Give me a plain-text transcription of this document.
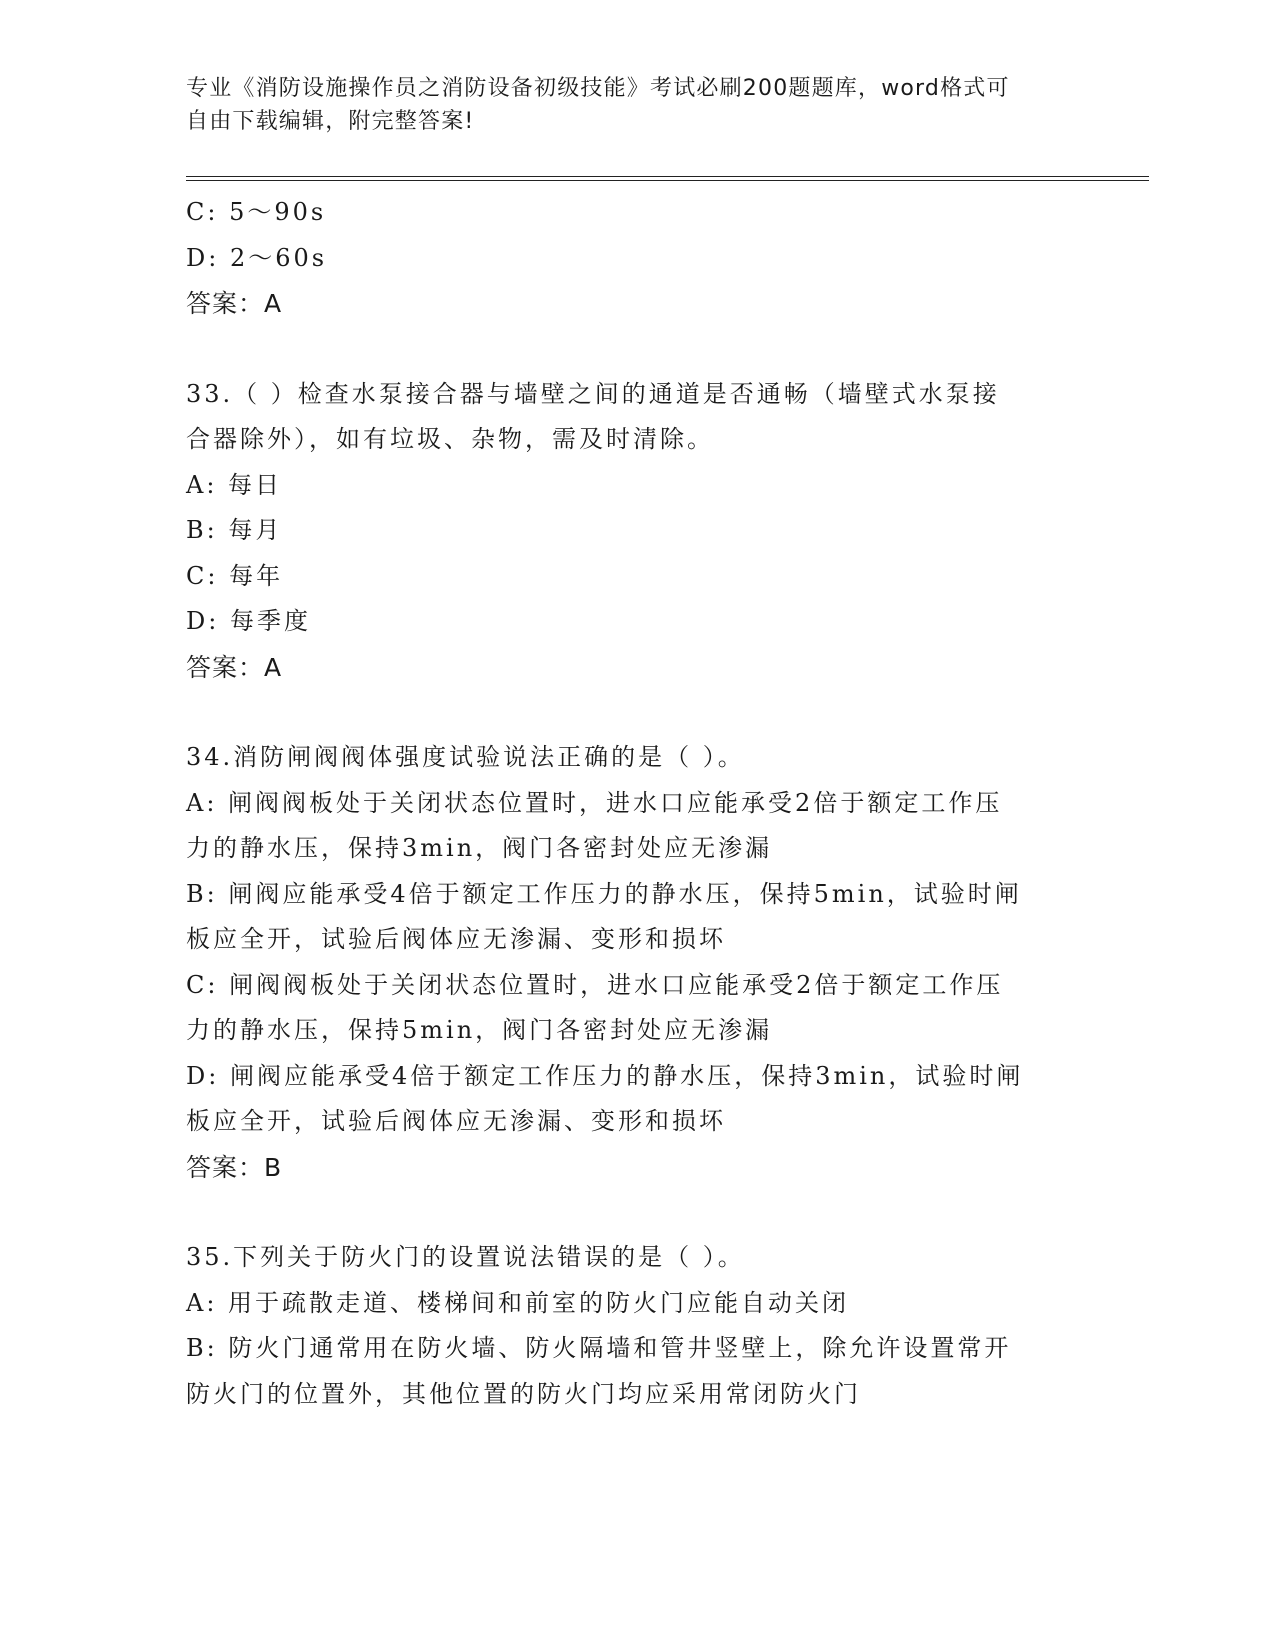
专业《消防设施操作员之消防设备初级技能》考试必刷200题题库，word格式可
自由下载编辑，附完整答案!
C: 5～90s
D: 2～60s
答案：A
33.（ ）检查水泵接合器与墙壁之间的通道是否通畅（墙壁式水泵接
合器除外），如有垃圾、杂物，需及时清除。
A: 每日
B: 每月
C: 每年
D: 每季度
答案：A
34.消防闸阀阀体强度试验说法正确的是（ ）。
A: 闸阀阀板处于关闭状态位置时，进水口应能承受2倍于额定工作压
力的静水压，保持3min，阀门各密封处应无渗漏
B: 闸阀应能承受4倍于额定工作压力的静水压，保持5min，试验时闸
板应全开，试验后阀体应无渗漏、变形和损坏
C: 闸阀阀板处于关闭状态位置时，进水口应能承受2倍于额定工作压
力的静水压，保持5min，阀门各密封处应无渗漏
D: 闸阀应能承受4倍于额定工作压力的静水压，保持3min，试验时闸
板应全开，试验后阀体应无渗漏、变形和损坏
答案：B
35.下列关于防火门的设置说法错误的是（ ）。
A: 用于疏散走道、楼梯间和前室的防火门应能自动关闭
B: 防火门通常用在防火墙、防火隔墙和管井竖壁上，除允许设置常开
防火门的位置外，其他位置的防火门均应采用常闭防火门
